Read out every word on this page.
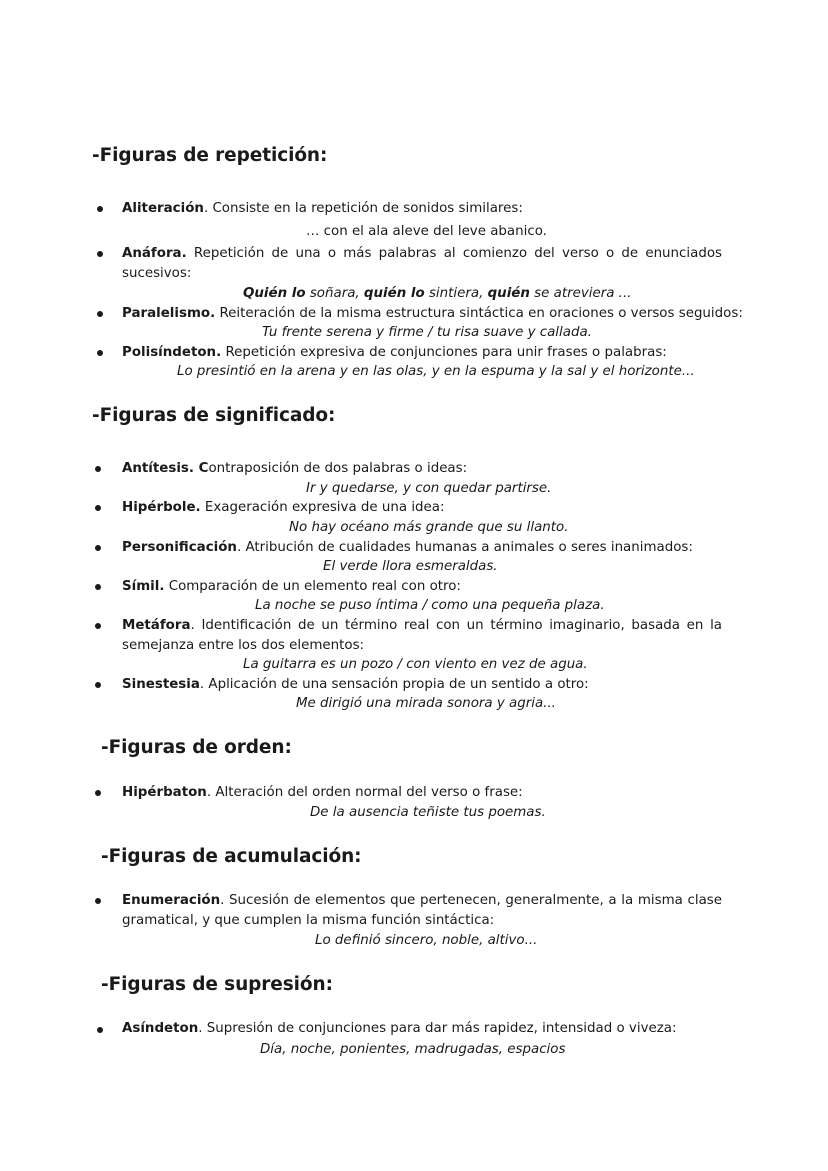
-Figuras de repetición:
Aliteración. Consiste en la repetición de sonidos similares:
… con el ala aleve del leve abanico.
Anáfora. Repetición de una o más palabras al comienzo del verso o de enunciados
sucesivos:
Quién lo soñara, quién lo sintiera, quién se atreviera ...
Paralelismo. Reiteración de la misma estructura sintáctica en oraciones o versos seguidos:
Tu frente serena y firme / tu risa suave y callada.
Polisíndeton. Repetición expresiva de conjunciones para unir frases o palabras:
Lo presintió en la arena y en las olas, y en la espuma y la sal y el horizonte...
-Figuras de significado:
Antítesis. Contraposición de dos palabras o ideas:
Ir y quedarse, y con quedar partirse.
Hipérbole. Exageración expresiva de una idea:
No hay océano más grande que su llanto.
Personificación. Atribución de cualidades humanas a animales o seres inanimados:
El verde llora esmeraldas.
Símil. Comparación de un elemento real con otro:
La noche se puso íntima / como una pequeña plaza.
Metáfora. Identificación de un término real con un término imaginario, basada en la
semejanza entre los dos elementos:
La guitarra es un pozo / con viento en vez de agua.
Sinestesia. Aplicación de una sensación propia de un sentido a otro:
Me dirigió una mirada sonora y agria...
-Figuras de orden:
Hipérbaton. Alteración del orden normal del verso o frase:
De la ausencia teñiste tus poemas.
-Figuras de acumulación:
Enumeración. Sucesión de elementos que pertenecen, generalmente, a la misma clase
gramatical, y que cumplen la misma función sintáctica:
Lo definió sincero, noble, altivo...
-Figuras de supresión:
Asíndeton. Supresión de conjunciones para dar más rapidez, intensidad o viveza:
Día, noche, ponientes, madrugadas, espacios
